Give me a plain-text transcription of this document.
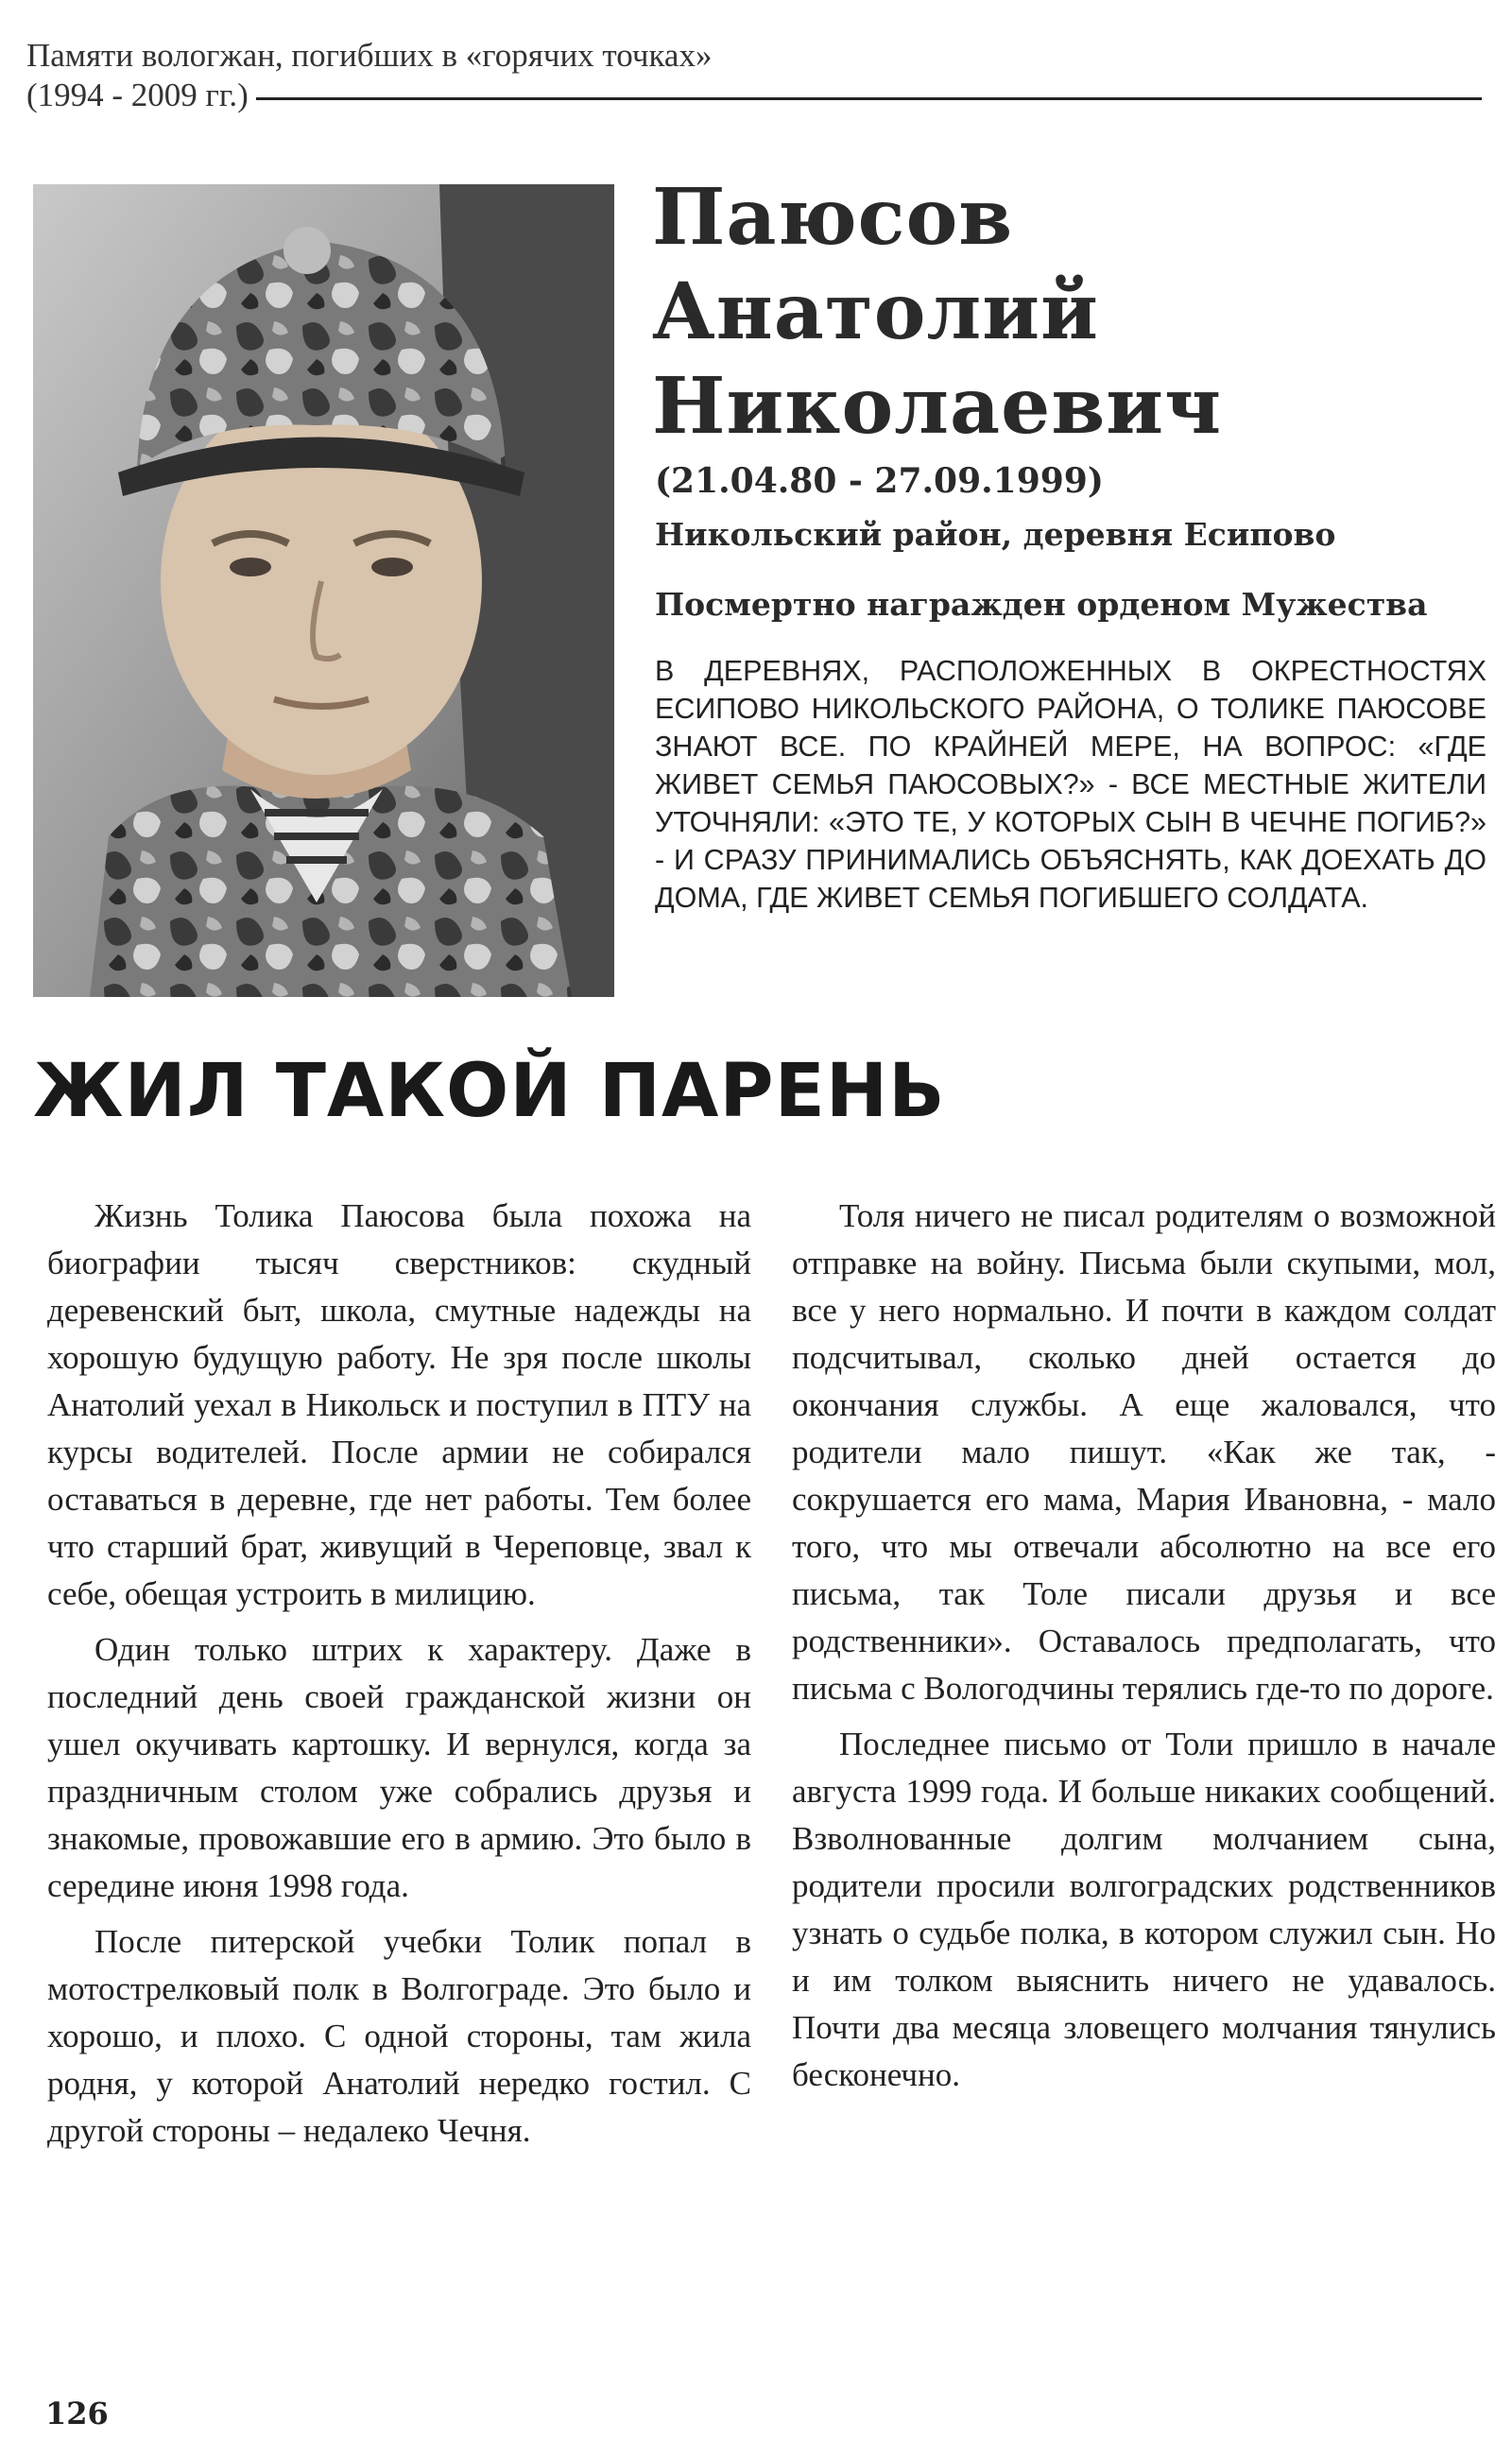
Памяти вологжан, погибших в «горячих точках»
(1994 - 2009 гг.)
Паюсов
Анатолий
Николаевич
(21.04.80 - 27.09.1999)
Никольский район, деревня Есипово
Посмертно награжден орденом Мужества
В ДЕРЕВНЯХ, РАСПОЛОЖЕННЫХ В ОКРЕСТНОСТЯХ ЕСИПОВО НИКОЛЬСКОГО РАЙОНА, О ТОЛИКЕ ПАЮСОВЕ ЗНАЮТ ВСЕ. ПО КРАЙНЕЙ МЕРЕ, НА ВОПРОС: «ГДЕ ЖИВЕТ СЕМЬЯ ПАЮСОВЫХ?» - ВСЕ МЕСТНЫЕ ЖИТЕЛИ УТОЧНЯЛИ: «ЭТО ТЕ, У КОТОРЫХ СЫН В ЧЕЧНЕ ПОГИБ?» - И СРАЗУ ПРИНИМАЛИСЬ ОБЪЯСНЯТЬ, КАК ДОЕХАТЬ ДО ДОМА, ГДЕ ЖИВЕТ СЕМЬЯ ПОГИБШЕГО СОЛДАТА.
ЖИЛ ТАКОЙ ПАРЕНЬ

Жизнь Толика Паюсова была похожа на биографии тысяч сверстников: скудный деревенский быт, школа, смутные надежды на хорошую будущую работу. Не зря после школы Анатолий уехал в Никольск и поступил в ПТУ на курсы водителей. После армии не собирался оставаться в деревне, где нет работы. Тем более что старший брат, живущий в Череповце, звал к себе, обещая устроить в милицию.

Один только штрих к характеру. Даже в последний день своей гражданской жизни он ушел окучивать картошку. И вернулся, когда за праздничным столом уже собрались друзья и знакомые, провожавшие его в армию. Это было в середине июня 1998 года.

После питерской учебки Толик попал в мотострелковый полк в Волгограде. Это было и хорошо, и плохо. С одной стороны, там жила родня, у которой Анатолий нередко гостил. С другой стороны – недалеко Чечня.

Толя ничего не писал родителям о возможной отправке на войну. Письма были скупыми, мол, все у него нормально. И почти в каждом солдат подсчитывал, сколько дней остается до окончания службы. А еще жаловался, что родители мало пишут. «Как же так, - сокрушается его мама, Мария Ивановна, - мало того, что мы отвечали абсолютно на все его письма, так Толе писали друзья и все родственники». Оставалось предполагать, что письма с Вологодчины терялись где-то по дороге.

Последнее письмо от Толи пришло в начале августа 1999 года. И больше никаких сообщений. Взволнованные долгим молчанием сына, родители просили волгоградских родственников узнать о судьбе полка, в котором служил сын. Но и им толком выяснить ничего не удавалось. Почти два месяца зловещего молчания тянулись бесконечно.

126
